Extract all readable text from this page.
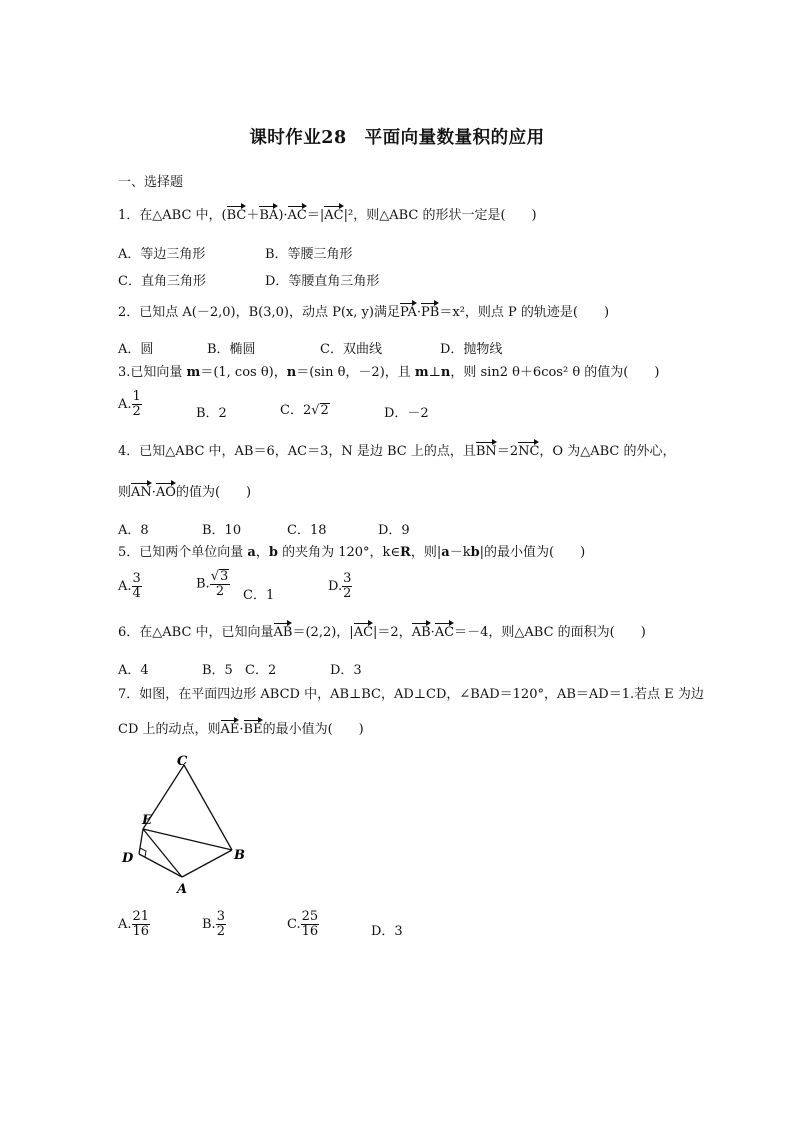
课时作业28　平面向量数量积的应用
一、选择题
1．在△ABC 中，(BC＋BA)·AC＝|AC|²，则△ABC 的形状一定是(　　)
A．等边三角形	B．等腰三角形
C．直角三角形	D．等腰直角三角形
2．已知点 A(－2,0)，B(3,0)，动点 P(x, y)满足PA·PB＝x²，则点 P 的轨迹是(　　)
A．圆	B．椭圆	C．双曲线	D．抛物线
3.已知向量 m＝(1, cos θ)，n＝(sin θ，－2)，且 m⊥n，则 sin2 θ＋6cos² θ 的值为(　　)
A. $\frac{1}{2}$	B．2	C．2√2	D．－2
4．已知△ABC 中，AB＝6，AC＝3，N 是边 BC 上的点，且BN＝2NC，O 为△ABC 的外心，
则AN·AO的值为(　　)
A．8	B．10	C．18	D．9
5．已知两个单位向量 a，b 的夹角为 120°，k∈R，则|a－kb|的最小值为(　　)
A. $\frac{3}{4}$	B. $\frac{√3}{2}$ C．1
D. $\frac{3}{2}$
6．在△ABC 中，已知向量AB＝(2,2)，|AC|＝2，AB·AC＝－4，则△ABC 的面积为(　　)
A．4	B．5 C．2	D．3
7．如图，在平面四边形 ABCD 中，AB⊥BC，AD⊥CD，∠BAD＝120°，AB＝AD＝1.若点 E 为边
CD 上的动点，则AE·BE的最小值为(　　)
C
E
D	B
A
A. $\frac{21}{16}$	B. $\frac{3}{2}$	C. $\frac{25}{16}$	D．3
